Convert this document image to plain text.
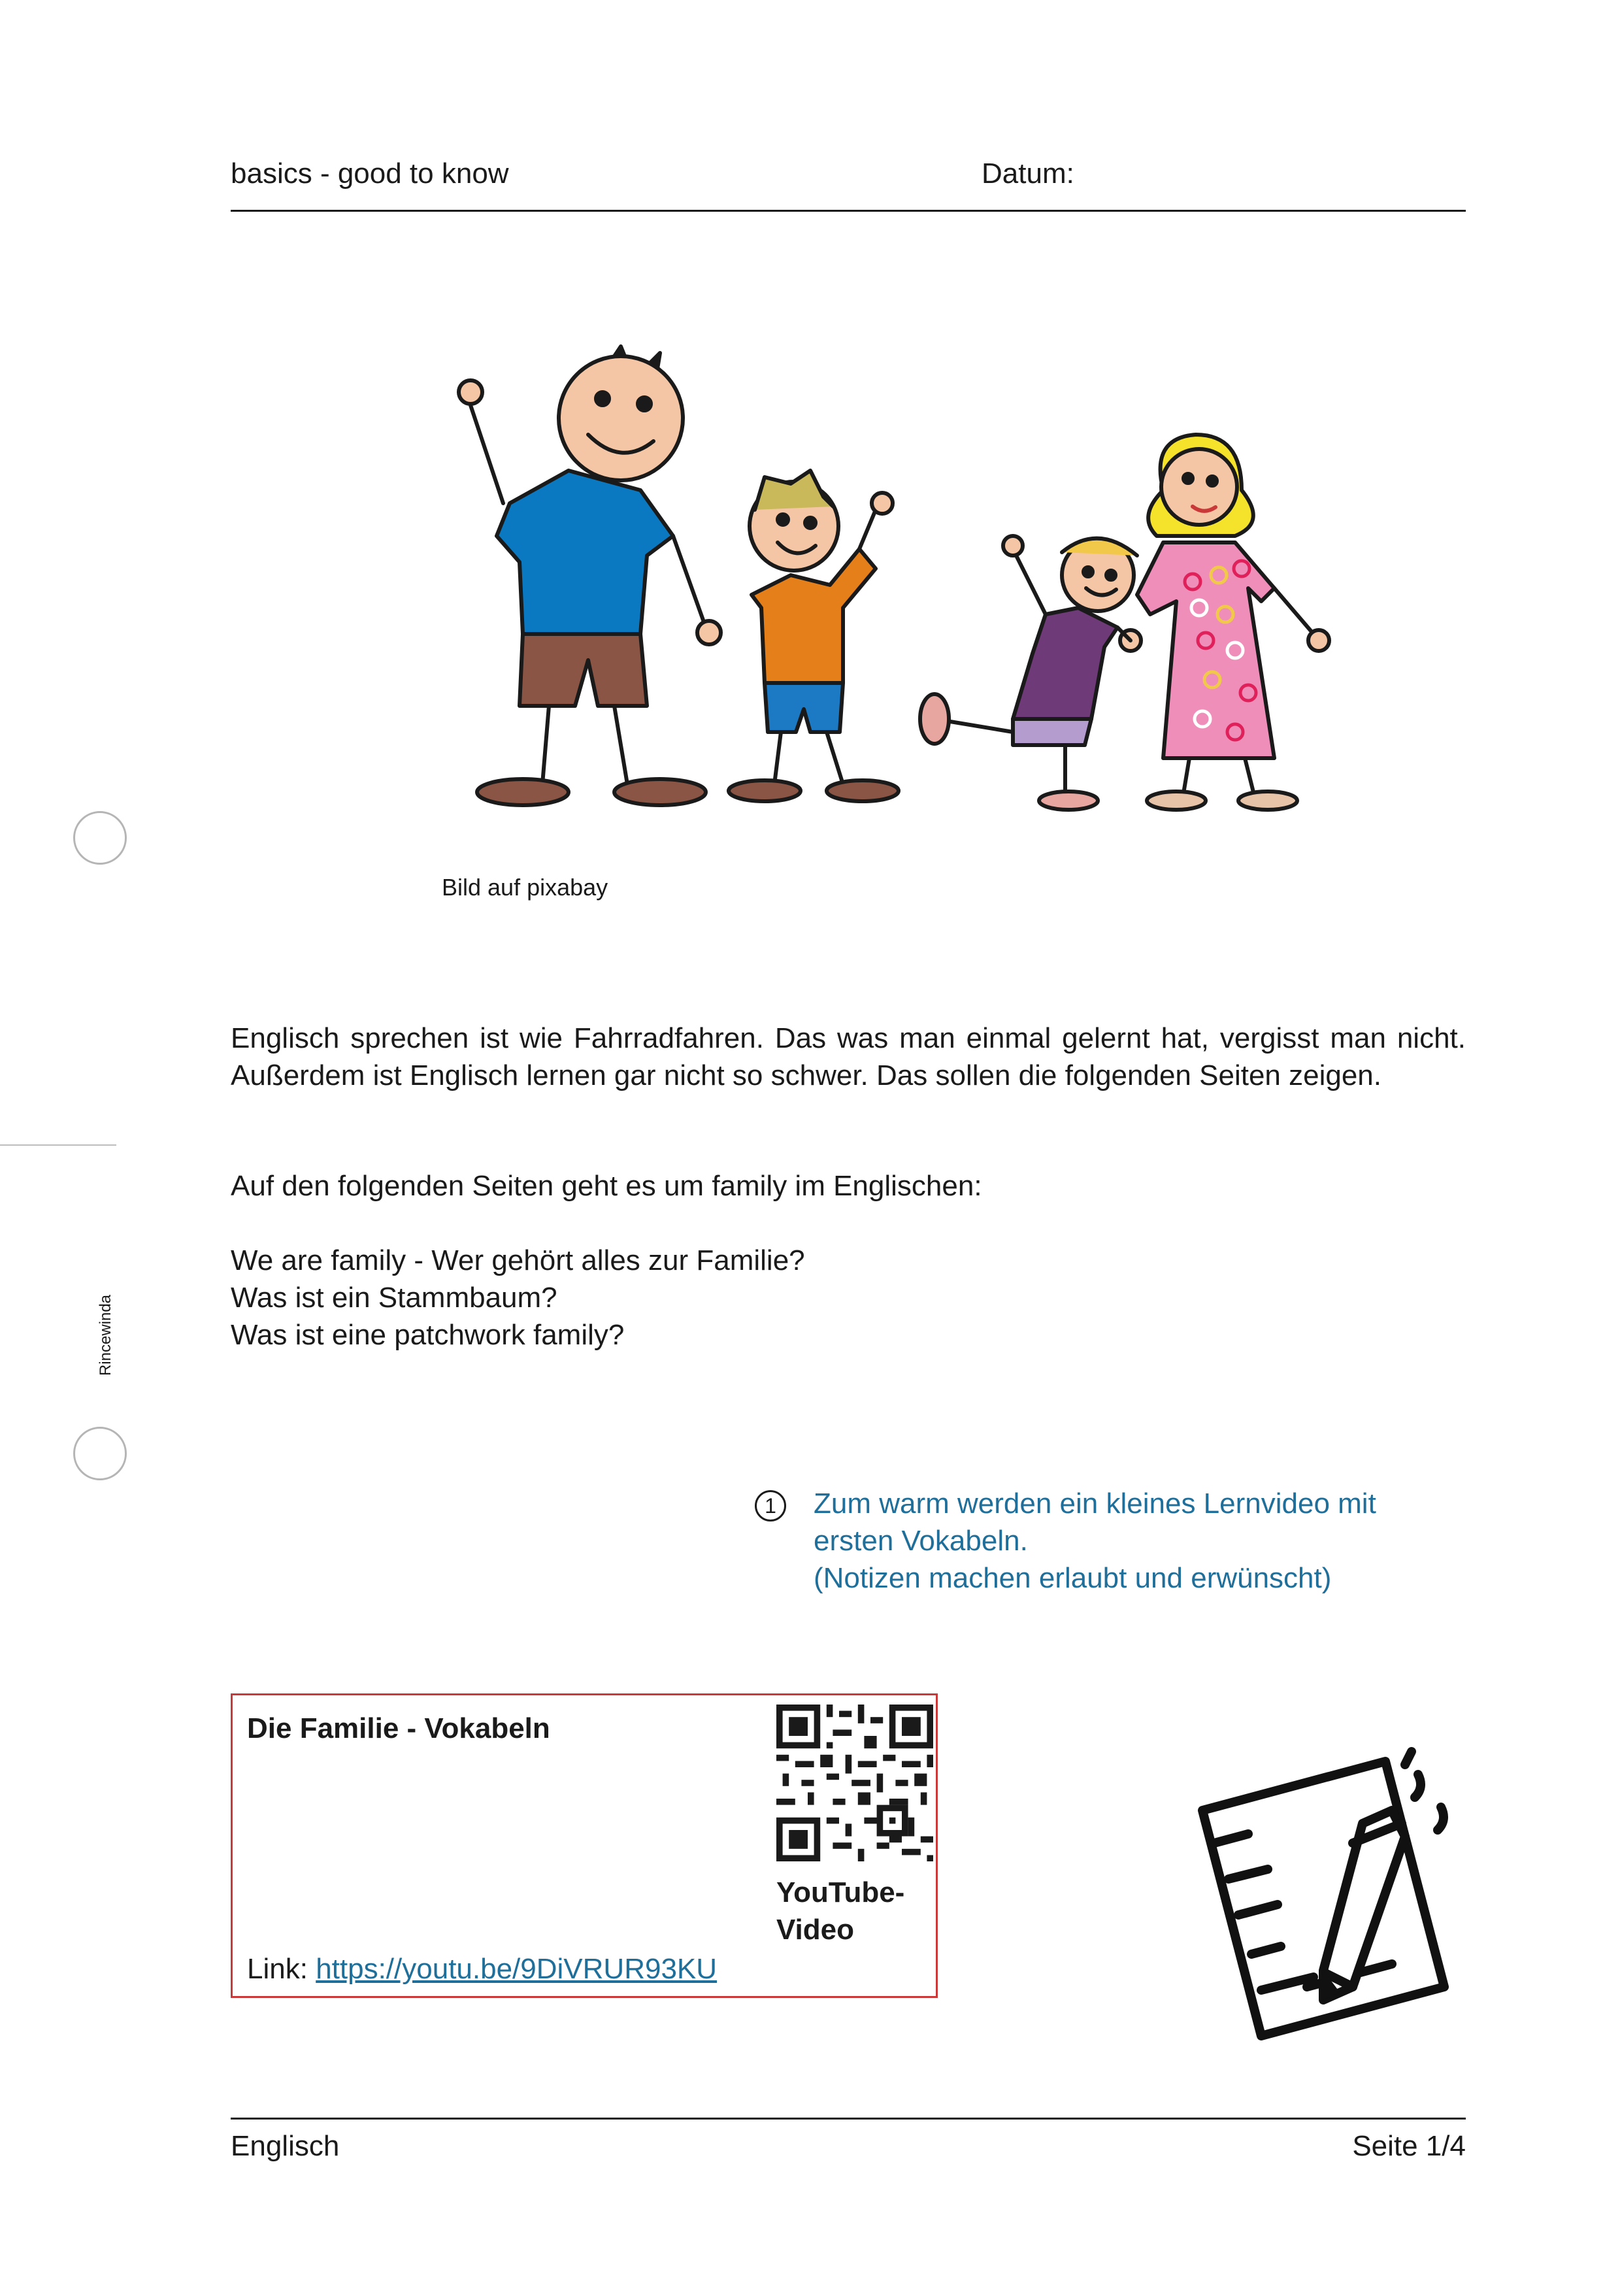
basics - good to know	Datum:
Rincewinda
Bild auf pixabay
Englisch sprechen ist wie Fahrradfahren. Das was man einmal gelernt hat, vergisst man nicht. Außerdem ist Englisch lernen gar nicht so schwer. Das sollen die folgenden Seiten zeigen.
Auf den folgenden Seiten geht es um family im Englischen:
We are family - Wer gehört alles zur Familie?
Was ist ein Stammbaum?
Was ist eine patchwork family?
1	Zum warm werden ein kleines Lernvideo mit
ersten Vokabeln.
(Notizen machen erlaubt und erwünscht)
Die Familie - Vokabeln
YouTube-
Video
Link: https://youtu.be/9DiVRUR93KU
Englisch	Seite 1/4
